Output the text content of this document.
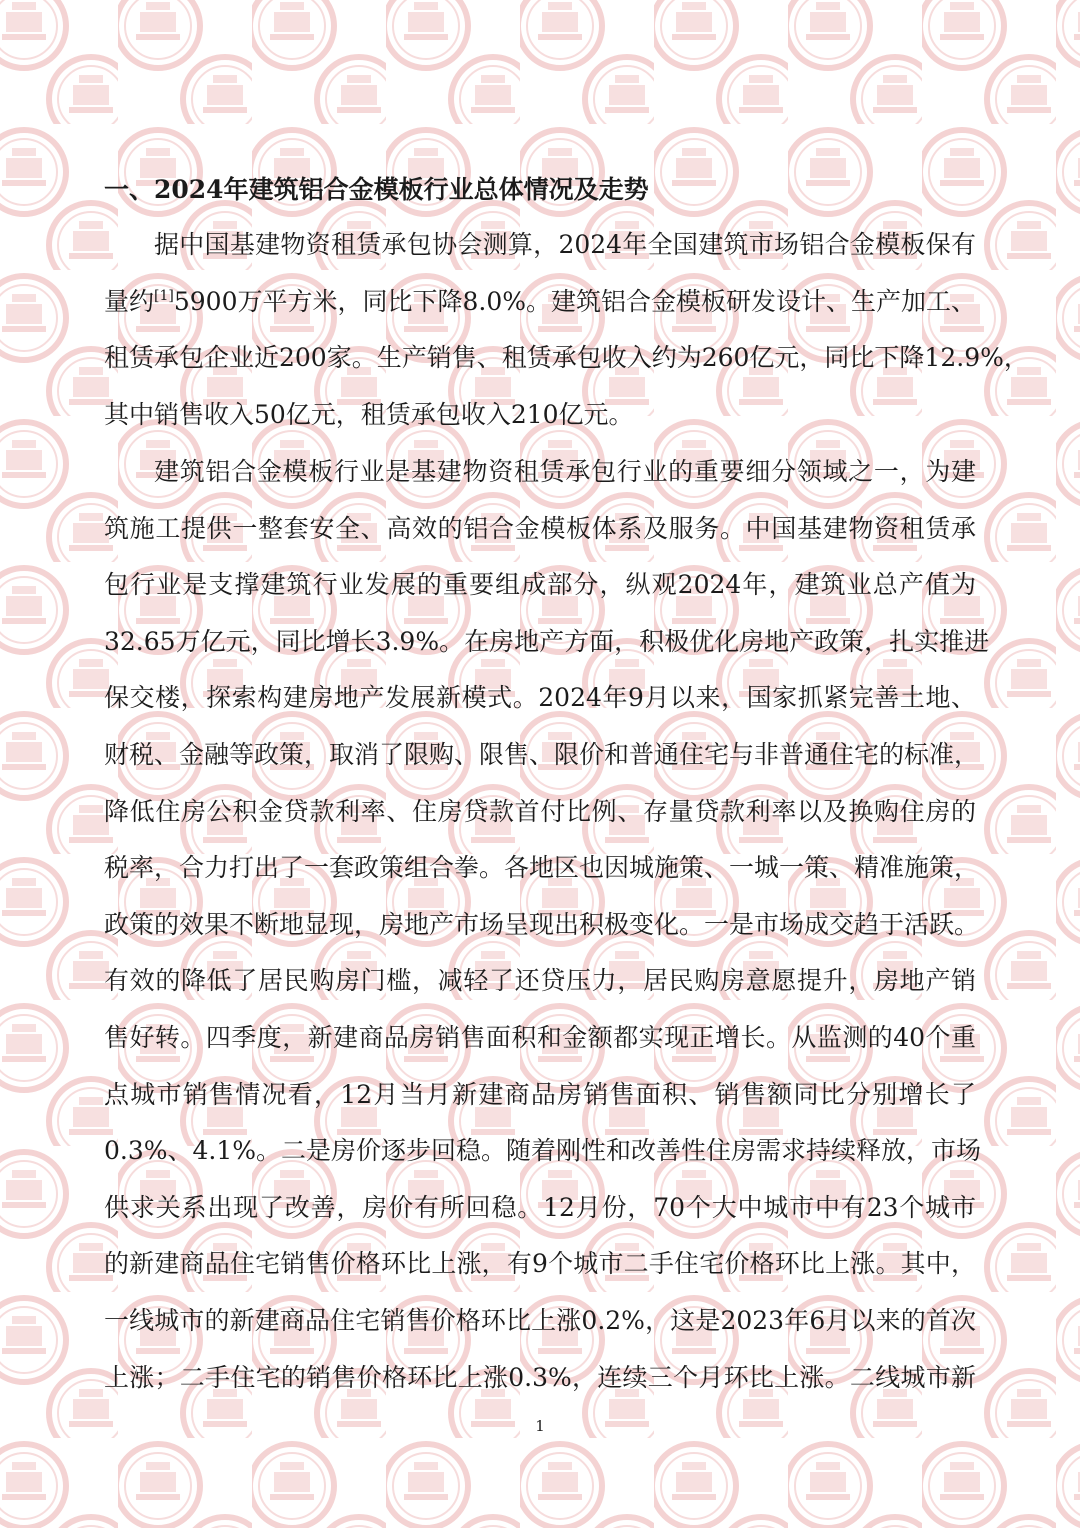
一、2024年建筑铝合金模板行业总体情况及走势

据中国基建物资租赁承包协会测算，2024年全国建筑市场铝合金模板保有
量约[1]5900万平方米，同比下降8.0%。建筑铝合金模板研发设计、生产加工、
租赁承包企业近200家。生产销售、租赁承包收入约为260亿元，同比下降12.9%，
其中销售收入50亿元，租赁承包收入210亿元。

建筑铝合金模板行业是基建物资租赁承包行业的重要细分领域之一，为建
筑施工提供一整套安全、高效的铝合金模板体系及服务。中国基建物资租赁承
包行业是支撑建筑行业发展的重要组成部分，纵观2024年，建筑业总产值为
32.65万亿元，同比增长3.9%。在房地产方面，积极优化房地产政策，扎实推进
保交楼，探索构建房地产发展新模式。2024年9月以来，国家抓紧完善土地、
财税、金融等政策，取消了限购、限售、限价和普通住宅与非普通住宅的标准，
降低住房公积金贷款利率、住房贷款首付比例、存量贷款利率以及换购住房的
税率，合力打出了一套政策组合拳。各地区也因城施策、一城一策、精准施策，
政策的效果不断地显现，房地产市场呈现出积极变化。一是市场成交趋于活跃。
有效的降低了居民购房门槛，减轻了还贷压力，居民购房意愿提升，房地产销
售好转。四季度，新建商品房销售面积和金额都实现正增长。从监测的40个重
点城市销售情况看，12月当月新建商品房销售面积、销售额同比分别增长了
0.3%、4.1%。二是房价逐步回稳。随着刚性和改善性住房需求持续释放，市场
供求关系出现了改善，房价有所回稳。12月份，70个大中城市中有23个城市
的新建商品住宅销售价格环比上涨，有9个城市二手住宅价格环比上涨。其中，
一线城市的新建商品住宅销售价格环比上涨0.2%，这是2023年6月以来的首次
上涨；二手住宅的销售价格环比上涨0.3%，连续三个月环比上涨。二线城市新

1
